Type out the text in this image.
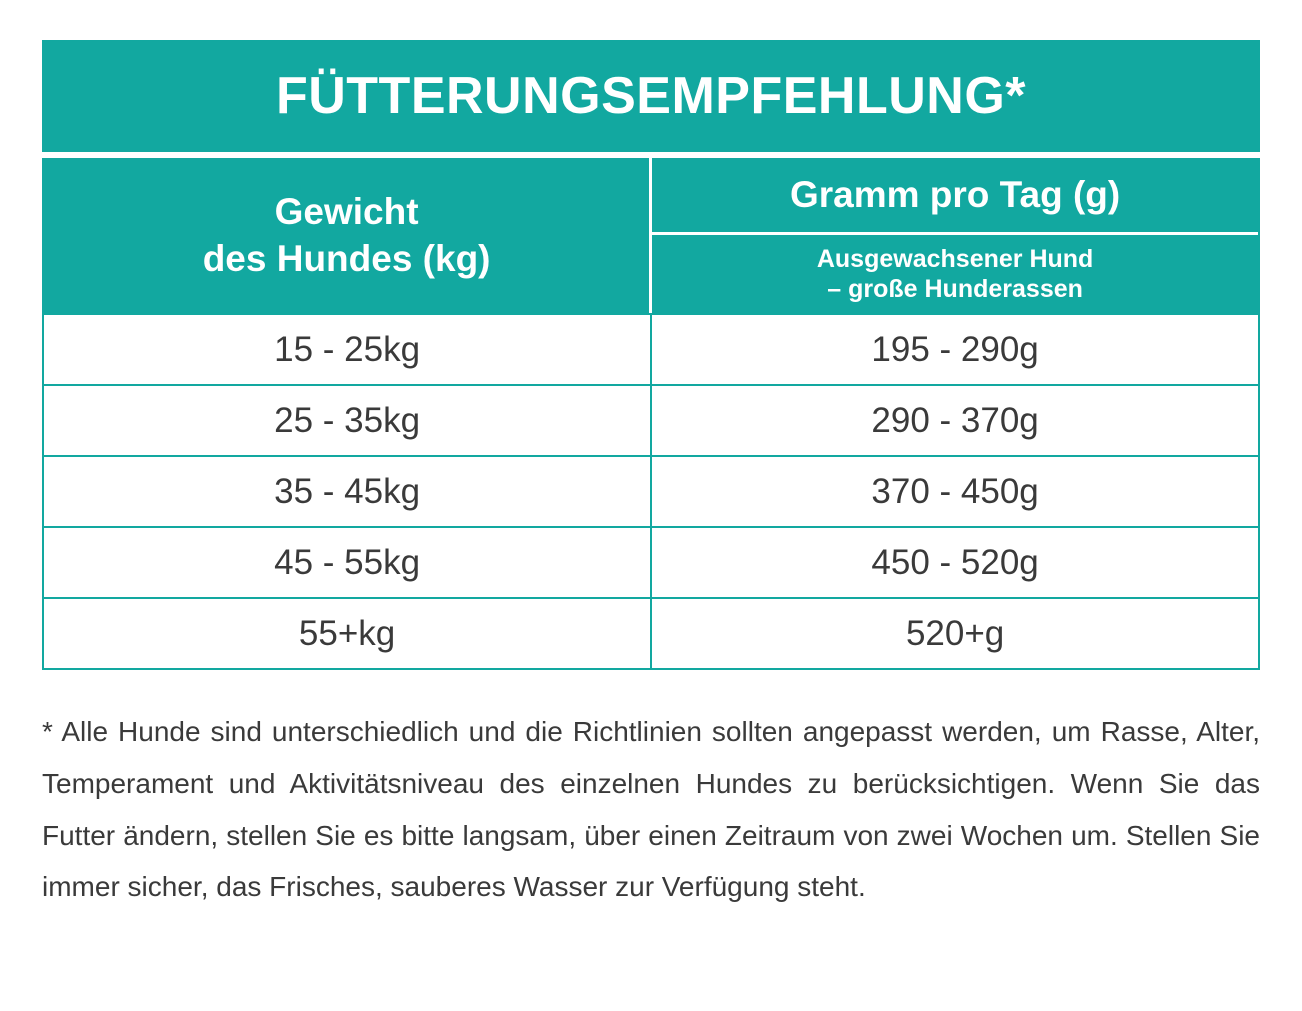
FÜTTERUNGSEMPFEHLUNG*
Gewicht
des Hundes (kg)
Gramm pro Tag (g)
Ausgewachsener Hund
– große Hunderassen
15 - 25kg	195 - 290g
25 - 35kg	290 - 370g
35 - 45kg	370 - 450g
45 - 55kg	450 - 520g
55+kg	520+g
* Alle Hunde sind unterschiedlich und die Richtlinien sollten angepasst werden, um Rasse, Alter, Temperament und Aktivitätsniveau des einzelnen Hundes zu berücksichtigen. Wenn Sie das Futter ändern, stellen Sie es bitte langsam, über einen Zeitraum von zwei Wochen um. Stellen Sie immer sicher, das Frisches, sauberes Wasser zur Verfügung steht.
